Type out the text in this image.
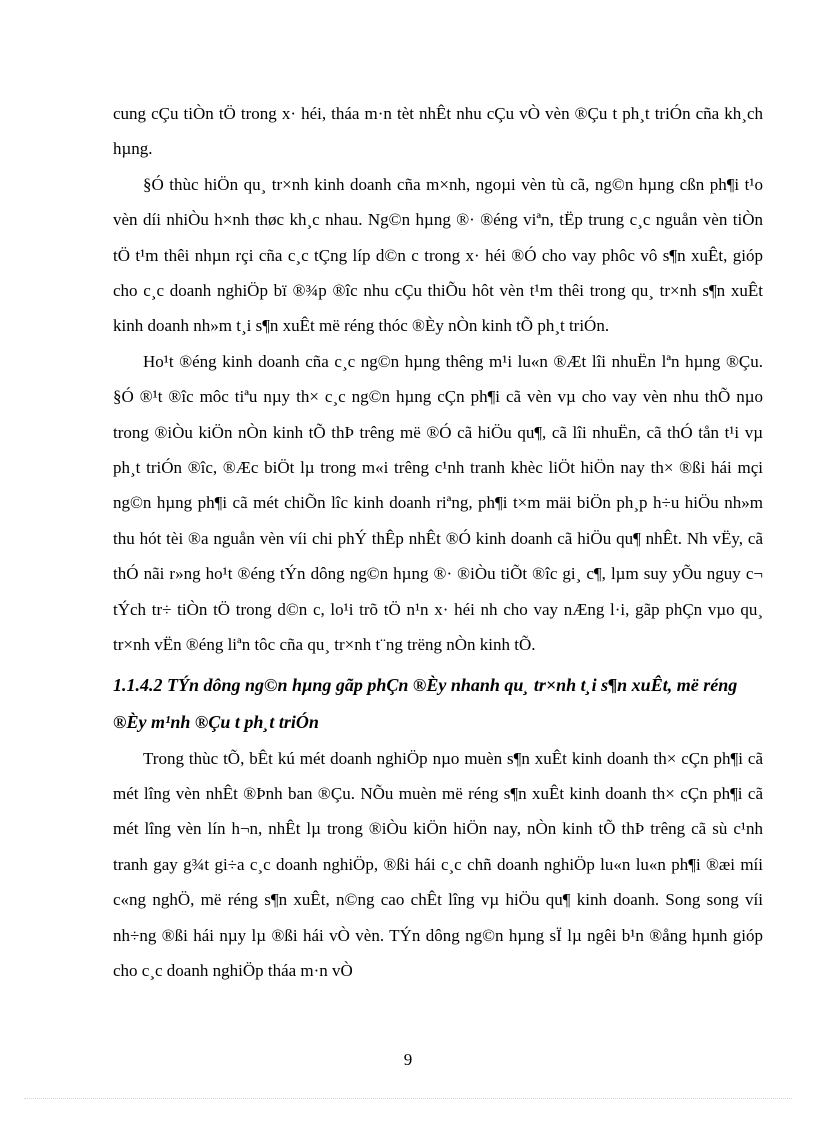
cung cÇu tiÒn tÖ trong x· héi, tháa m·n tèt nhÊt nhu cÇu vÒ vèn ®Çu t ph¸t triÓn cña kh¸ch hµng.

§Ó thùc hiÖn qu¸ tr×nh kinh doanh cña m×nh, ngoµi vèn tù cã, ng©n hµng cßn ph¶i t¹o vèn díi nhiÒu h×nh thøc kh¸c nhau. Ng©n hµng ®· ®éng viªn, tËp trung c¸c nguån vèn tiÒn tÖ t¹m thêi nhµn rçi cña c¸c tÇng líp d©n c trong x· héi ®Ó cho vay phôc vô s¶n xuÊt, gióp cho c¸c doanh nghiÖp bï ®¾p ®îc nhu cÇu thiÕu hôt vèn t¹m thêi trong qu¸ tr×nh s¶n xuÊt kinh doanh nh»m t¸i s¶n xuÊt më réng thóc ®Èy nÒn kinh tÕ ph¸t triÓn.

Ho¹t ®éng kinh doanh cña c¸c ng©n hµng thêng m¹i lu«n ®Æt lîi nhuËn lªn hµng ®Çu. §Ó ®¹t ®îc môc tiªu nµy th× c¸c ng©n hµng cÇn ph¶i cã vèn vµ cho vay vèn nhu thÕ nµo trong ®iÒu kiÖn nÒn kinh tÕ thÞ trêng më ®Ó cã hiÖu qu¶, cã lîi nhuËn, cã thÓ tån t¹i vµ ph¸t triÓn ®îc, ®Æc biÖt lµ trong m«i trêng c¹nh tranh khèc liÖt hiÖn nay th× ®ßi hái mçi ng©n hµng ph¶i cã mét chiÕn lîc kinh doanh riªng, ph¶i t×m mäi biÖn ph¸p h÷u hiÖu nh»m thu hót tèi ®a nguån vèn víi chi phÝ thÊp nhÊt ®Ó kinh doanh cã hiÖu qu¶ nhÊt. Nh vËy, cã thÓ nãi r»ng ho¹t ®éng tÝn dông ng©n hµng ®· ®iÒu tiÕt ®îc gi¸ c¶, lµm suy yÕu nguy c¬ tÝch tr÷ tiÒn tÖ trong d©n c, lo¹i trõ tÖ n¹n x· héi nh cho vay nÆng l·i, gãp phÇn vµo qu¸ tr×nh vËn ®éng liªn tôc cña qu¸ tr×nh t¨ng trëng nÒn kinh tÕ.

1.1.4.2 TÝn dông ng©n hµng gãp phÇn ®Èy nhanh qu¸ tr×nh t¸i s¶n xuÊt, më réng ®Èy m¹nh ®Çu t ph¸t triÓn

Trong thùc tÕ, bÊt kú mét doanh nghiÖp nµo muèn s¶n xuÊt kinh doanh th× cÇn ph¶i cã mét lîng vèn nhÊt ®Þnh ban ®Çu. NÕu muèn më réng s¶n xuÊt kinh doanh th× cÇn ph¶i cã mét lîng vèn lín h¬n, nhÊt lµ trong ®iÒu kiÖn hiÖn nay, nÒn kinh tÕ thÞ trêng cã sù c¹nh tranh gay g¾t gi÷a c¸c doanh nghiÖp, ®ßi hái c¸c chñ doanh nghiÖp lu«n lu«n ph¶i ®æi míi c«ng nghÖ, më réng s¶n xuÊt, n©ng cao chÊt lîng vµ hiÖu qu¶ kinh doanh. Song song víi nh÷ng ®ßi hái nµy lµ ®ßi hái vÒ vèn. TÝn dông ng©n hµng sÏ lµ ngêi b¹n ®ång hµnh gióp cho c¸c doanh nghiÖp tháa m·n vÒ

9
